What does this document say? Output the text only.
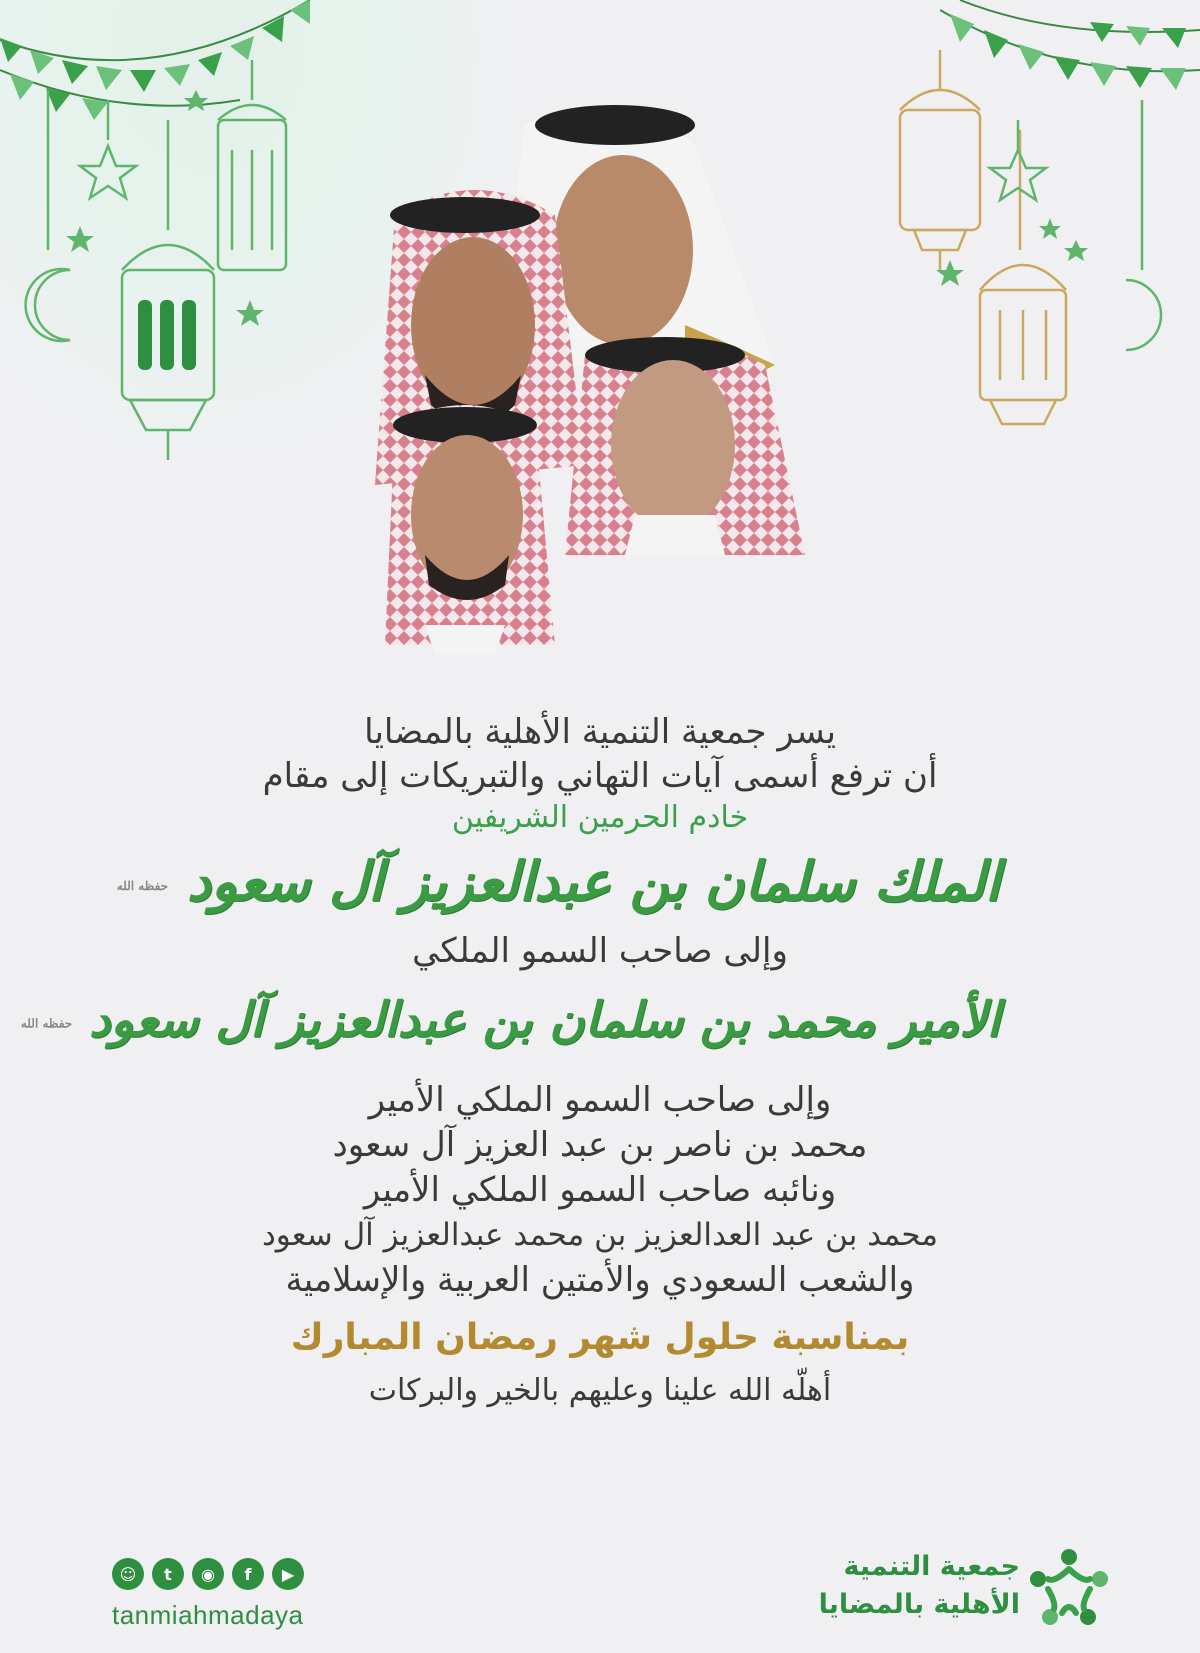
يسر جمعية التنمية الأهلية بالمضايا
أن ترفع أسمى آيات التهاني والتبريكات إلى مقام
خادم الحرمين الشريفين
الملك سلمان بن عبدالعزيز آل سعود حفظه الله
وإلى صاحب السمو الملكي
الأمير محمد بن سلمان بن عبدالعزيز آل سعود حفظه الله
وإلى صاحب السمو الملكي الأمير
محمد بن ناصر بن عبد العزيز آل سعود
ونائبه صاحب السمو الملكي الأمير
محمد بن عبد العدالعزيز بن محمد عبدالعزيز آل سعود
والشعب السعودي والأمتين العربية والإسلامية
بمناسبة حلول شهر رمضان المبارك
أهلّه الله علينا وعليهم بالخير والبركات
☺	t	◉	f	▶
tanmiahmadaya
جمعية التنمية
الأهلية بالمضايا
